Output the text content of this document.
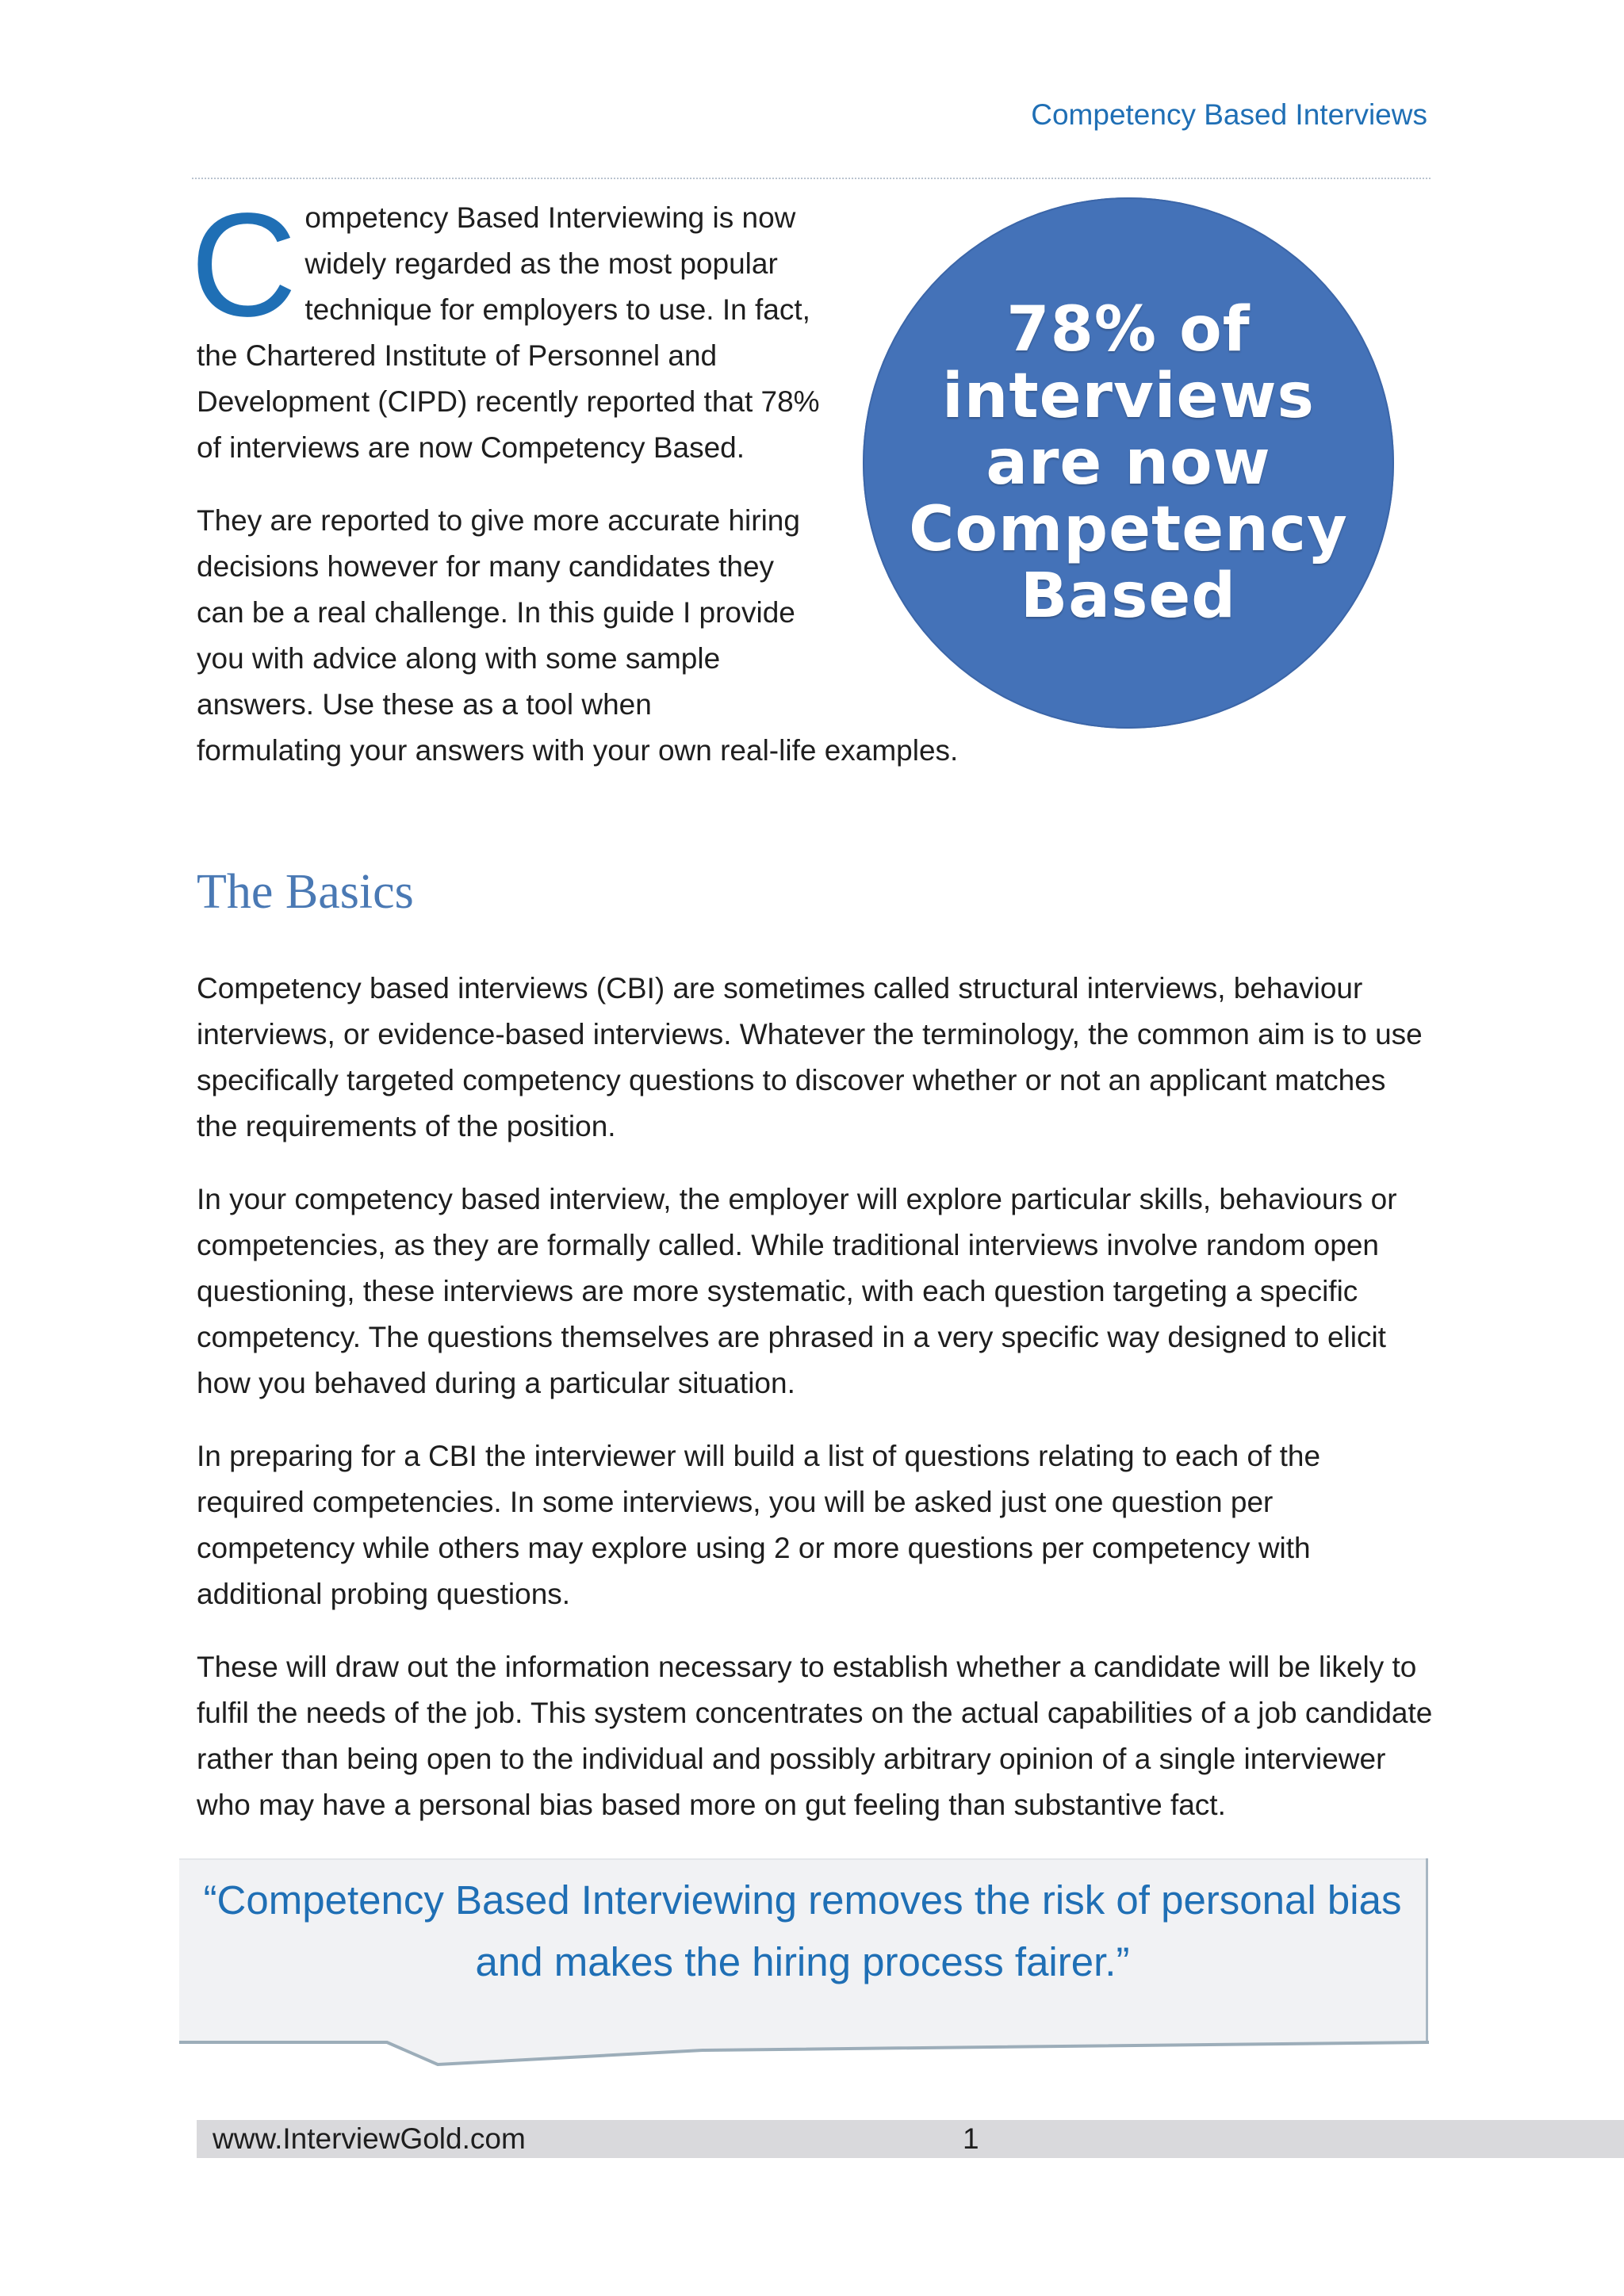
Competency Based Interviews

Competency Based Interviewing is now widely regarded as the most popular technique for employers to use. In fact, the Chartered Institute of Personnel and Development (CIPD) recently reported that 78% of interviews are now Competency Based.

They are reported to give more accurate hiring decisions however for many candidates they can be a real challenge. In this guide I provide you with advice along with some sample answers. Use these as a tool when
formulating your answers with your own real-life examples.

78% of
interviews
are now
Competency
Based
The Basics

Competency based interviews (CBI) are sometimes called structural interviews, behaviour interviews, or evidence-based interviews. Whatever the terminology, the common aim is to use specifically targeted competency questions to discover whether or not an applicant matches the requirements of the position.

In your competency based interview, the employer will explore particular skills, behaviours or competencies, as they are formally called. While traditional interviews involve random open questioning, these interviews are more systematic, with each question targeting a specific competency. The questions themselves are phrased in a very specific way designed to elicit how you behaved during a particular situation.

In preparing for a CBI the interviewer will build a list of questions relating to each of the required competencies. In some interviews, you will be asked just one question per competency while others may explore using 2 or more questions per competency with additional probing questions.

These will draw out the information necessary to establish whether a candidate will be likely to fulfil the needs of the job. This system concentrates on the actual capabilities of a job candidate rather than being open to the individual and possibly arbitrary opinion of a single interviewer who may have a personal bias based more on gut feeling than substantive fact.

“Competency Based Interviewing removes the risk of personal bias and makes the hiring process fairer.”
www.InterviewGold.com	1
